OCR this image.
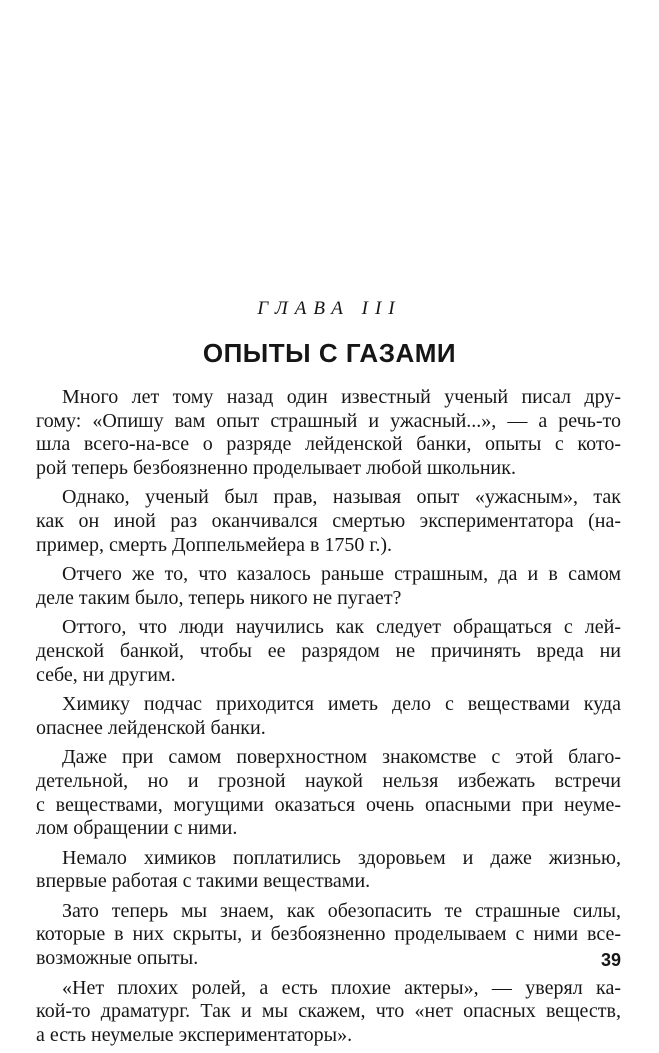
ГЛАВА III
ОПЫТЫ С ГАЗАМИ

Много лет тому назад один известный ученый писал дру-
гому: «Опишу вам опыт страшный и ужасный...», — а речь-то
шла всего-на-все о разряде лейденской банки, опыты с кото-
рой теперь безбоязненно проделывает любой школьник.

Однако, ученый был прав, называя опыт «ужасным», так
как он иной раз оканчивался смертью экспериментатора (на-
пример, смерть Доппельмейера в 1750 г.).

Отчего же то, что казалось раньше страшным, да и в самом
деле таким было, теперь никого не пугает?

Оттого, что люди научились как следует обращаться с лей-
денской банкой, чтобы ее разрядом не причинять вреда ни
себе, ни другим.

Химику подчас приходится иметь дело с веществами куда
опаснее лейденской банки.

Даже при самом поверхностном знакомстве с этой благо-
детельной, но и грозной наукой нельзя избежать встречи
с веществами, могущими оказаться очень опасными при неуме-
лом обращении с ними.

Немало химиков поплатились здоровьем и даже жизнью,
впервые работая с такими веществами.

Зато теперь мы знаем, как обезопасить те страшные силы,
которые в них скрыты, и безбоязненно проделываем с ними все-
возможные опыты.

«Нет плохих ролей, а есть плохие актеры», — уверял ка-
кой-то драматург. Так и мы скажем, что «нет опасных веществ,
а есть неумелые экспериментаторы».

39
